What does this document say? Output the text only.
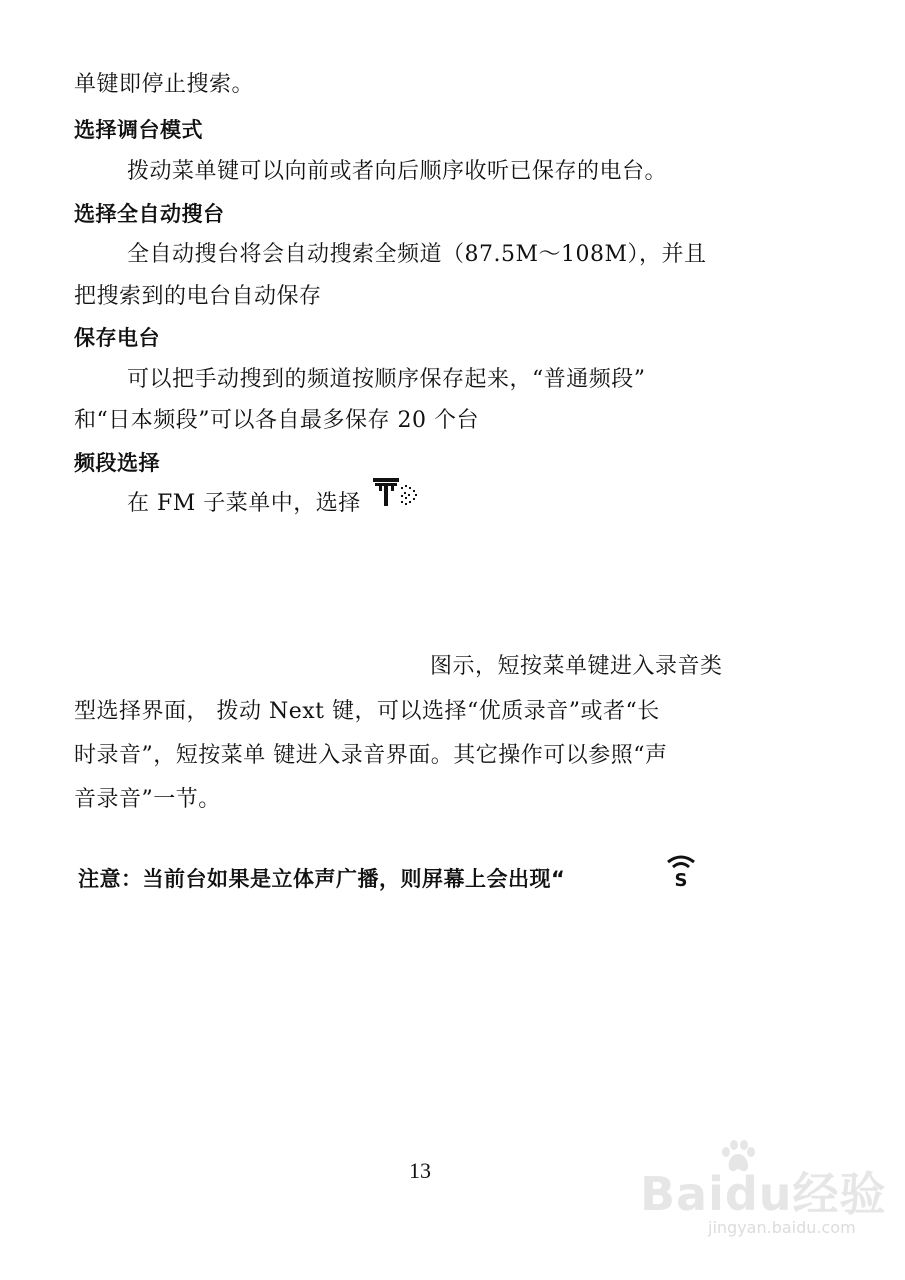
单键即停止搜索。
选择调台模式
拨动菜单键可以向前或者向后顺序收听已保存的电台。
选择全自动搜台
全自动搜台将会自动搜索全频道（87.5M～108M），并且
把搜索到的电台自动保存
保存电台
可以把手动搜到的频道按顺序保存起来，“普通频段”
和“日本频段”可以各自最多保存 20 个台
频段选择
在 FM 子菜单中，选择
图示，短按菜单键进入录音类
型选择界面， 拨动 Next 键，可以选择“优质录音”或者“长
时录音”，短按菜单 键进入录音界面。其它操作可以参照“声
音录音”一节。
注意：当前台如果是立体声广播，则屏幕上会出现“	S
13	Baidu经验
jingyan.baidu.com
